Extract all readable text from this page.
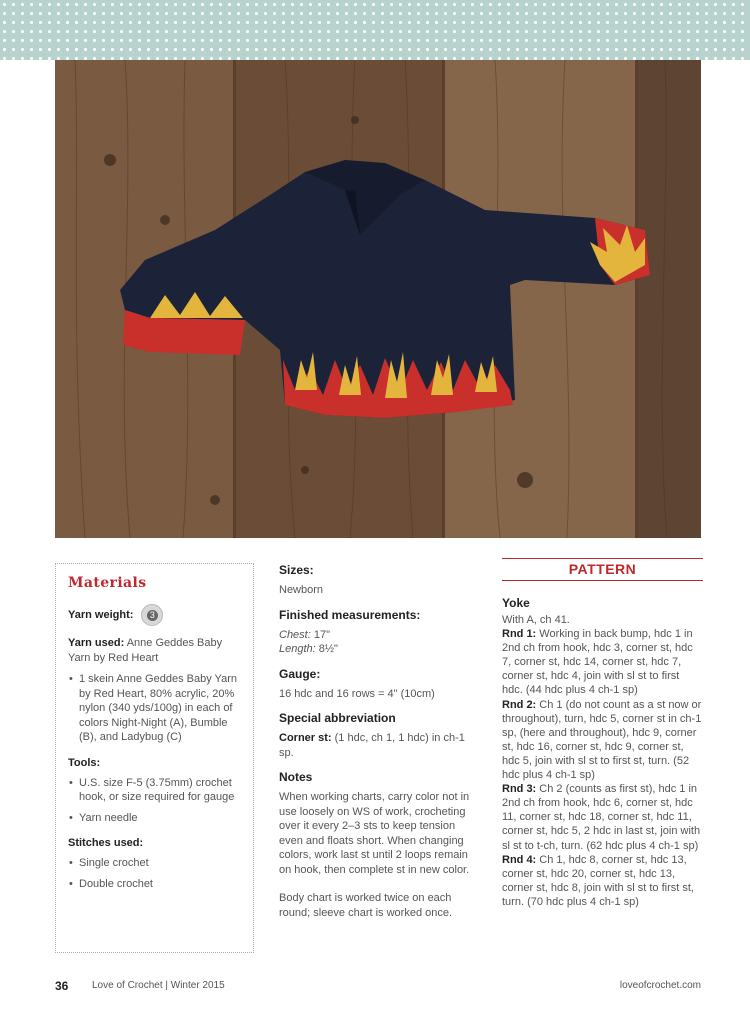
Materials
Yarn weight:	3
Yarn used: Anne Geddes Baby Yarn by Red Heart
• 1 skein Anne Geddes Baby Yarn by Red Heart, 80% acrylic, 20% nylon (340 yds/100g) in each of colors Night-Night (A), Bumble (B), and Ladybug (C)
Tools:
• U.S. size F-5 (3.75mm) crochet hook, or size required for gauge
• Yarn needle
Stitches used:
• Single crochet
• Double crochet
Sizes:
Newborn
Finished measurements:
Chest: 17"
Length: 8½"
Gauge:
16 hdc and 16 rows = 4" (10cm)
Special abbreviation
Corner st: (1 hdc, ch 1, 1 hdc) in ch-1 sp.
Notes
When working charts, carry color not in use loosely on WS of work, crocheting over it every 2–3 sts to keep tension even and floats short. When changing colors, work last st until 2 loops remain on hook, then complete st in new color.
Body chart is worked twice on each round; sleeve chart is worked once.
PATTERN
Yoke
With A, ch 41.
Rnd 1: Working in back bump, hdc 1 in 2nd ch from hook, hdc 3, corner st, hdc 7, corner st, hdc 14, corner st, hdc 7, corner st, hdc 4, join with sl st to first hdc. (44 hdc plus 4 ch-1 sp)
Rnd 2: Ch 1 (do not count as a st now or throughout), turn, hdc 5, corner st in ch-1 sp, (here and throughout), hdc 9, corner st, hdc 16, corner st, hdc 9, corner st, hdc 5, join with sl st to first st, turn. (52 hdc plus 4 ch-1 sp)
Rnd 3: Ch 2 (counts as first st), hdc 1 in 2nd ch from hook, hdc 6, corner st, hdc 11, corner st, hdc 18, corner st, hdc 11, corner st, hdc 5, 2 hdc in last st, join with sl st to t-ch, turn. (62 hdc plus 4 ch-1 sp)
Rnd 4: Ch 1, hdc 8, corner st, hdc 13, corner st, hdc 20, corner st, hdc 13, corner st, hdc 8, join with sl st to first st, turn. (70 hdc plus 4 ch-1 sp)
36 Love of Crochet | Winter 2015	loveofcrochet.com
